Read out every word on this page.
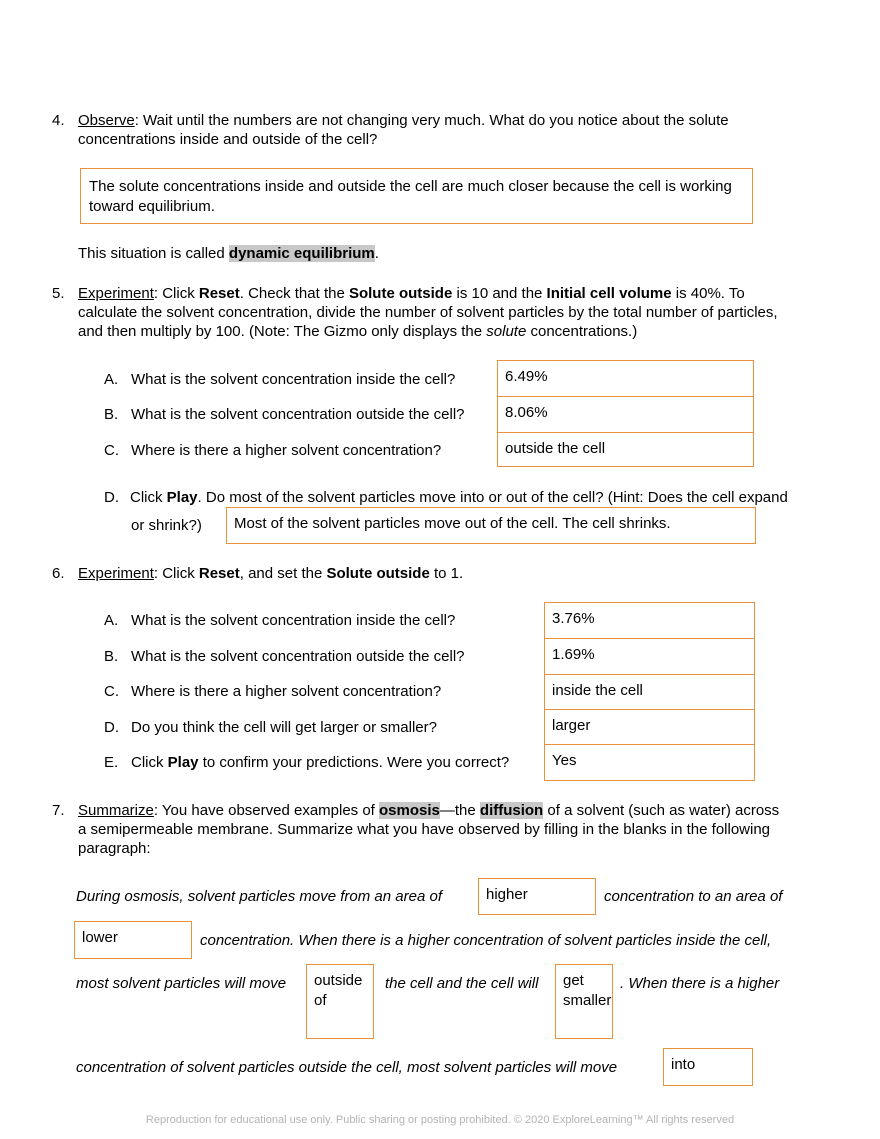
4. Observe: Wait until the numbers are not changing very much. What do you notice about the solute
concentrations inside and outside of the cell?
The solute concentrations inside and outside the cell are much closer because the cell is working toward equilibrium.
This situation is called dynamic equilibrium.
5. Experiment: Click Reset. Check that the Solute outside is 10 and the Initial cell volume is 40%. To
calculate the solvent concentration, divide the number of solvent particles by the total number of particles,
and then multiply by 100. (Note: The Gizmo only displays the solute concentrations.)
A. What is the solvent concentration inside the cell?	6.49%
B. What is the solvent concentration outside the cell?	8.06%
C. Where is there a higher solvent concentration?	outside the cell
D. Click Play. Do most of the solvent particles move into or out of the cell? (Hint: Does the cell expand
or shrink?)	Most of the solvent particles move out of the cell. The cell shrinks.
6. Experiment: Click Reset, and set the Solute outside to 1.
A. What is the solvent concentration inside the cell?	3.76%
B. What is the solvent concentration outside the cell?	1.69%
C. Where is there a higher solvent concentration?	inside the cell
D. Do you think the cell will get larger or smaller?	larger
E. Click Play to confirm your predictions. Were you correct?	Yes
7. Summarize: You have observed examples of osmosis—the diffusion of a solvent (such as water) across
a semipermeable membrane. Summarize what you have observed by filling in the blanks in the following
paragraph:
During osmosis, solvent particles move from an area of	higher	concentration to an area of
lower	concentration. When there is a higher concentration of solvent particles inside the cell,
most solvent particles will move	outside of
the cell and the cell will	get smaller
. When there is a higher
concentration of solvent particles outside the cell, most solvent particles will move	into
Reproduction for educational use only. Public sharing or posting prohibited. © 2020 ExploreLearning™ All rights reserved
